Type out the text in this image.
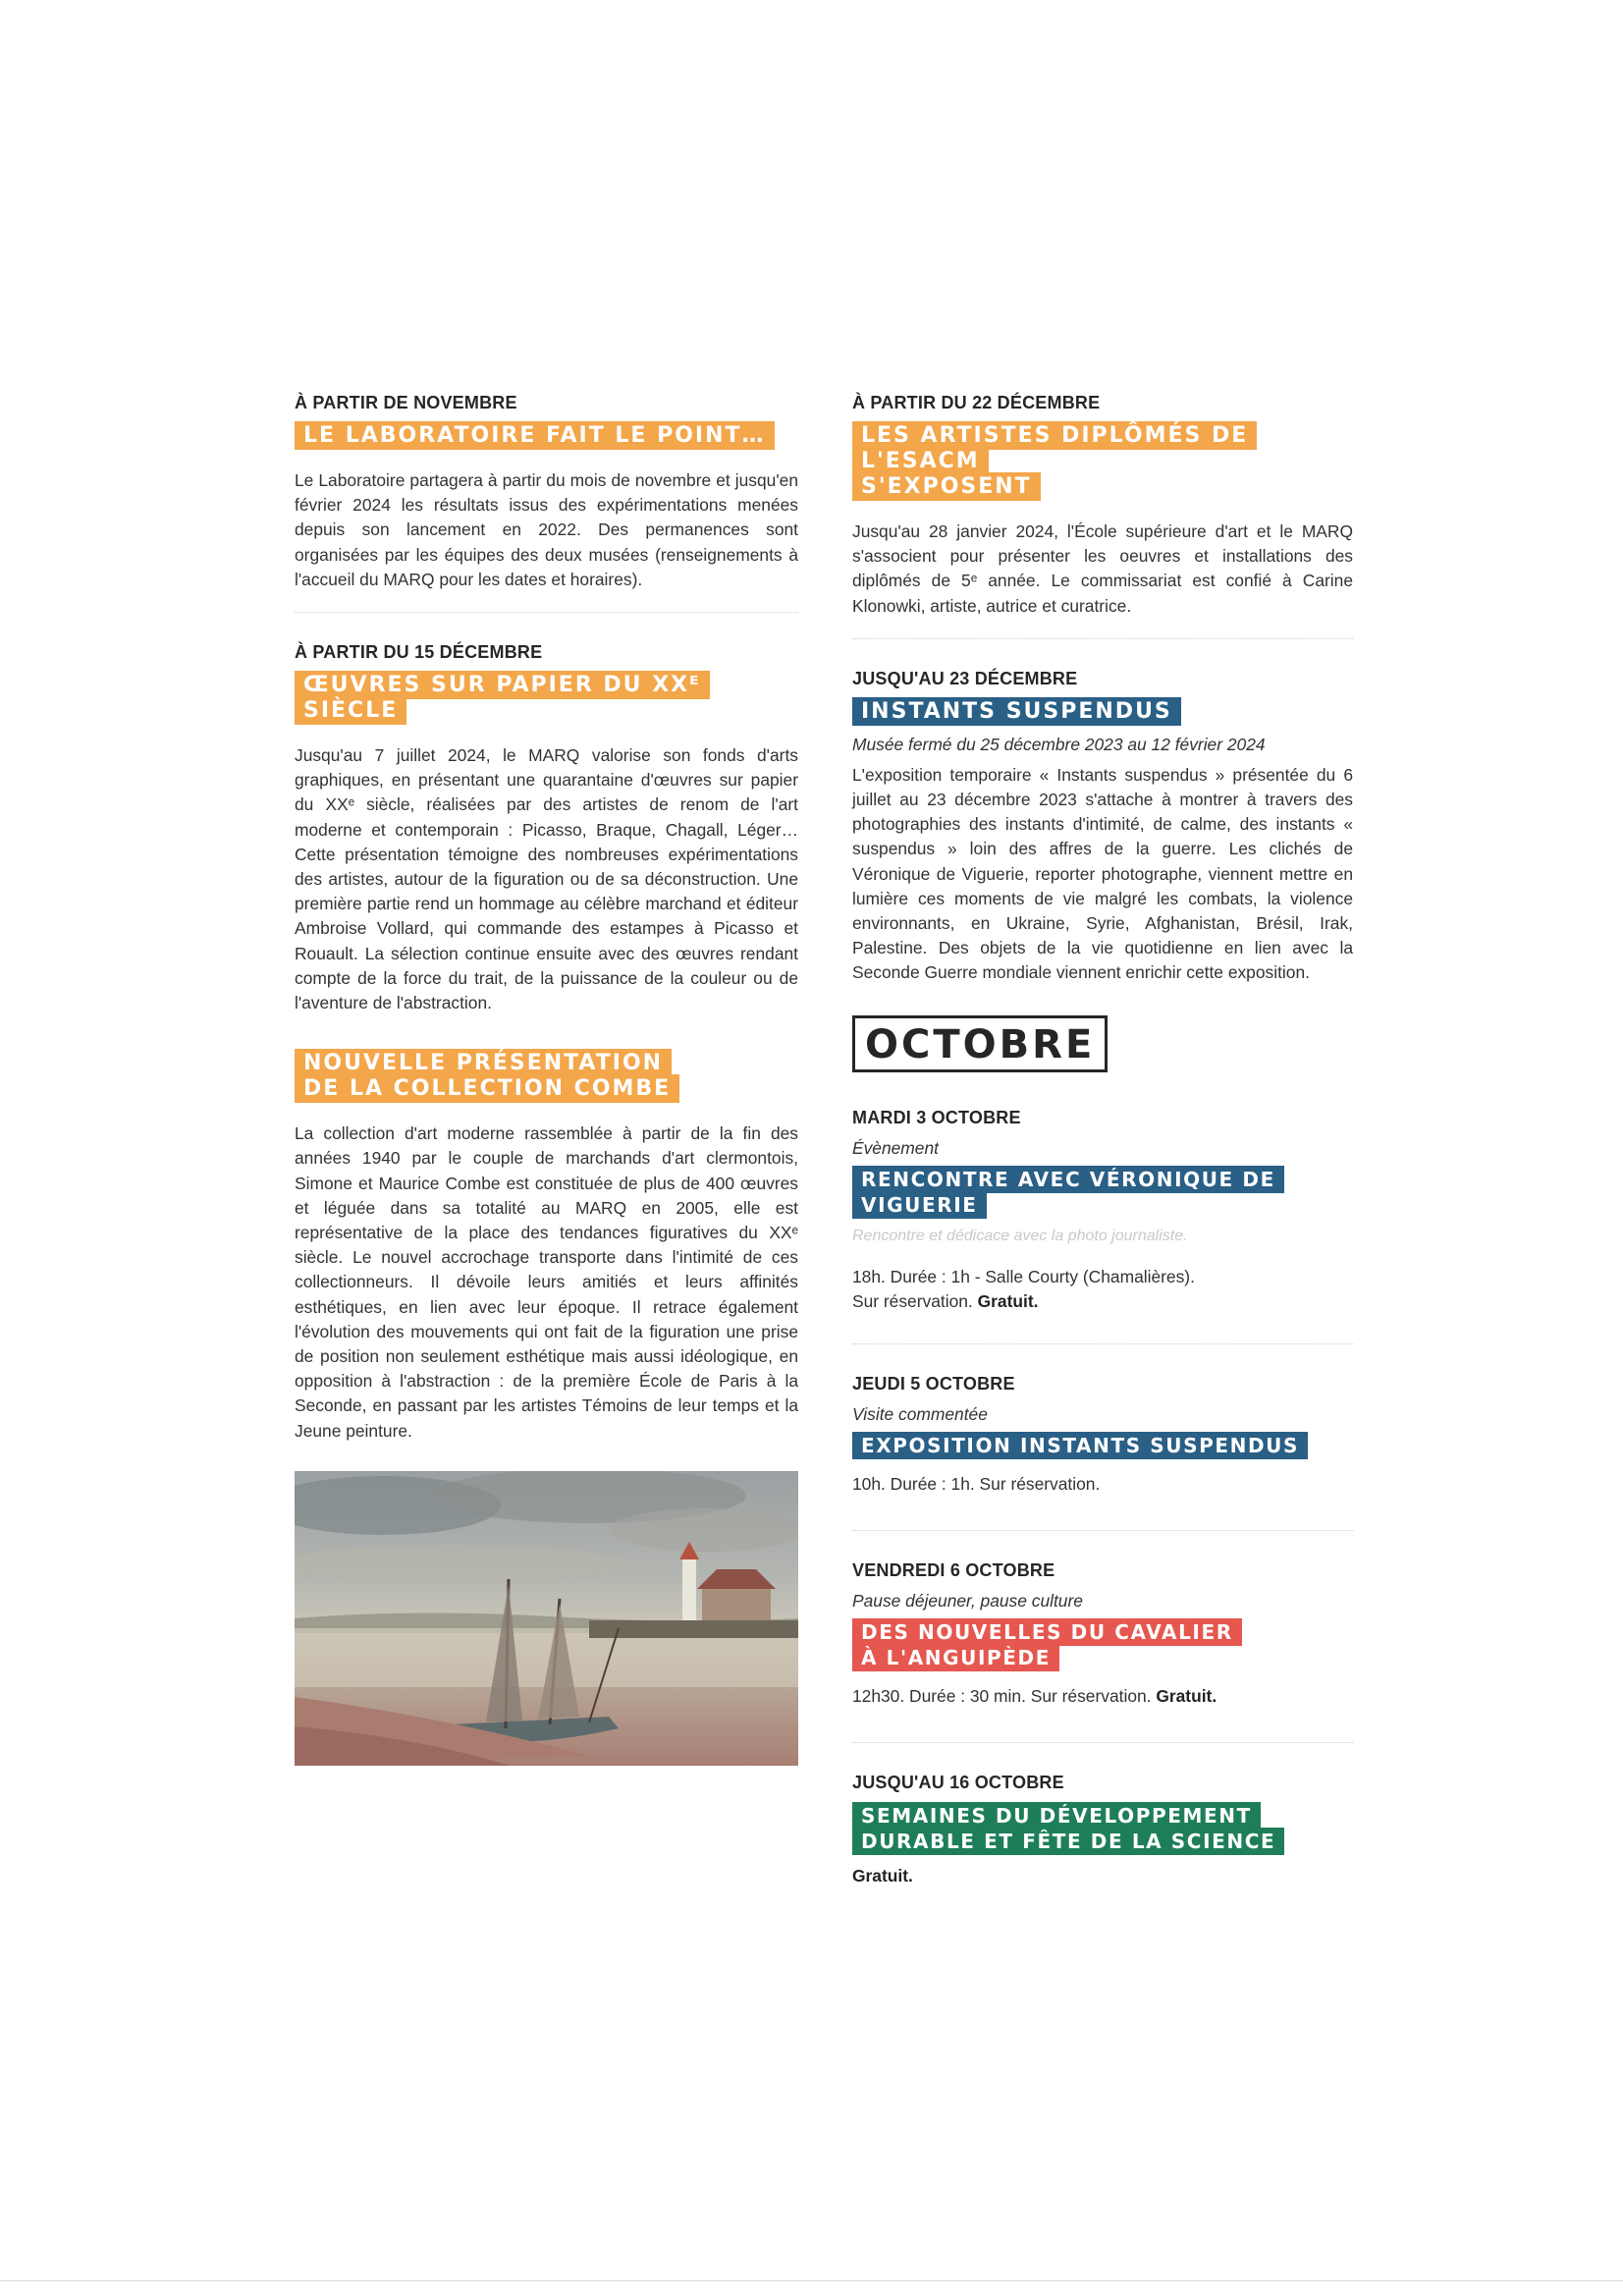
À PARTIR DE NOVEMBRE

LE LABORATOIRE FAIT LE POINT…

Le Laboratoire partagera à partir du mois de novembre et jusqu'en février 2024 les résultats issus des expérimentations menées depuis son lancement en 2022. Des permanences sont organisées par les équipes des deux musées (renseignements à l'accueil du MARQ pour les dates et horaires).

À PARTIR DU 15 DÉCEMBRE

ŒUVRES SUR PAPIER DU XXᴱ SIÈCLE

Jusqu'au 7 juillet 2024, le MARQ valorise son fonds d'arts graphiques, en présentant une quarantaine d'œuvres sur papier du XXᵉ siècle, réalisées par des artistes de renom de l'art moderne et contemporain : Picasso, Braque, Chagall, Léger… Cette présentation témoigne des nombreuses expérimentations des artistes, autour de la figuration ou de sa déconstruction. Une première partie rend un hommage au célèbre marchand et éditeur Ambroise Vollard, qui commande des estampes à Picasso et Rouault. La sélection continue ensuite avec des œuvres rendant compte de la force du trait, de la puissance de la couleur ou de l'aventure de l'abstraction.

NOUVELLE PRÉSENTATION
DE LA COLLECTION COMBE

La collection d'art moderne rassemblée à partir de la fin des années 1940 par le couple de marchands d'art clermontois, Simone et Maurice Combe est constituée de plus de 400 œuvres et léguée dans sa totalité au MARQ en 2005, elle est représentative de la place des tendances figuratives du XXᵉ siècle. Le nouvel accrochage transporte dans l'intimité de ces collectionneurs. Il dévoile leurs amitiés et leurs affinités esthétiques, en lien avec leur époque. Il retrace également l'évolution des mouvements qui ont fait de la figuration une prise de position non seulement esthétique mais aussi idéologique, en opposition à l'abstraction : de la première École de Paris à la Seconde, en passant par les artistes Témoins de leur temps et la Jeune peinture.

À PARTIR DU 22 DÉCEMBRE

LES ARTISTES DIPLÔMÉS DE L'ESACM
S'EXPOSENT

Jusqu'au 28 janvier 2024, l'École supérieure d'art et le MARQ s'associent pour présenter les oeuvres et installations des diplômés de 5ᵉ année. Le commissariat est confié à Carine Klonowki, artiste, autrice et curatrice.

JUSQU'AU 23 DÉCEMBRE

INSTANTS SUSPENDUS

Musée fermé du 25 décembre 2023 au 12 février 2024

L'exposition temporaire « Instants suspendus » présentée du 6 juillet au 23 décembre 2023 s'attache à montrer à travers des photographies des instants d'intimité, de calme, des instants « suspendus » loin des affres de la guerre. Les clichés de Véronique de Viguerie, reporter photographe, viennent mettre en lumière ces moments de vie malgré les combats, la violence environnants, en Ukraine, Syrie, Afghanistan, Brésil, Irak, Palestine. Des objets de la vie quotidienne en lien avec la Seconde Guerre mondiale viennent enrichir cette exposition.

OCTOBRE

MARDI 3 OCTOBRE

Évènement

RENCONTRE AVEC VÉRONIQUE DE VIGUERIE

Rencontre et dédicace avec la photo journaliste.

18h. Durée : 1h - Salle Courty (Chamalières).

Sur réservation. Gratuit.

JEUDI 5 OCTOBRE

Visite commentée

EXPOSITION INSTANTS SUSPENDUS

10h. Durée : 1h. Sur réservation.

VENDREDI 6 OCTOBRE

Pause déjeuner, pause culture

DES NOUVELLES DU CAVALIER
À L'ANGUIPÈDE

12h30. Durée : 30 min. Sur réservation. Gratuit.

JUSQU'AU 16 OCTOBRE

SEMAINES DU DÉVELOPPEMENT
DURABLE ET FÊTE DE LA SCIENCE

Gratuit.
